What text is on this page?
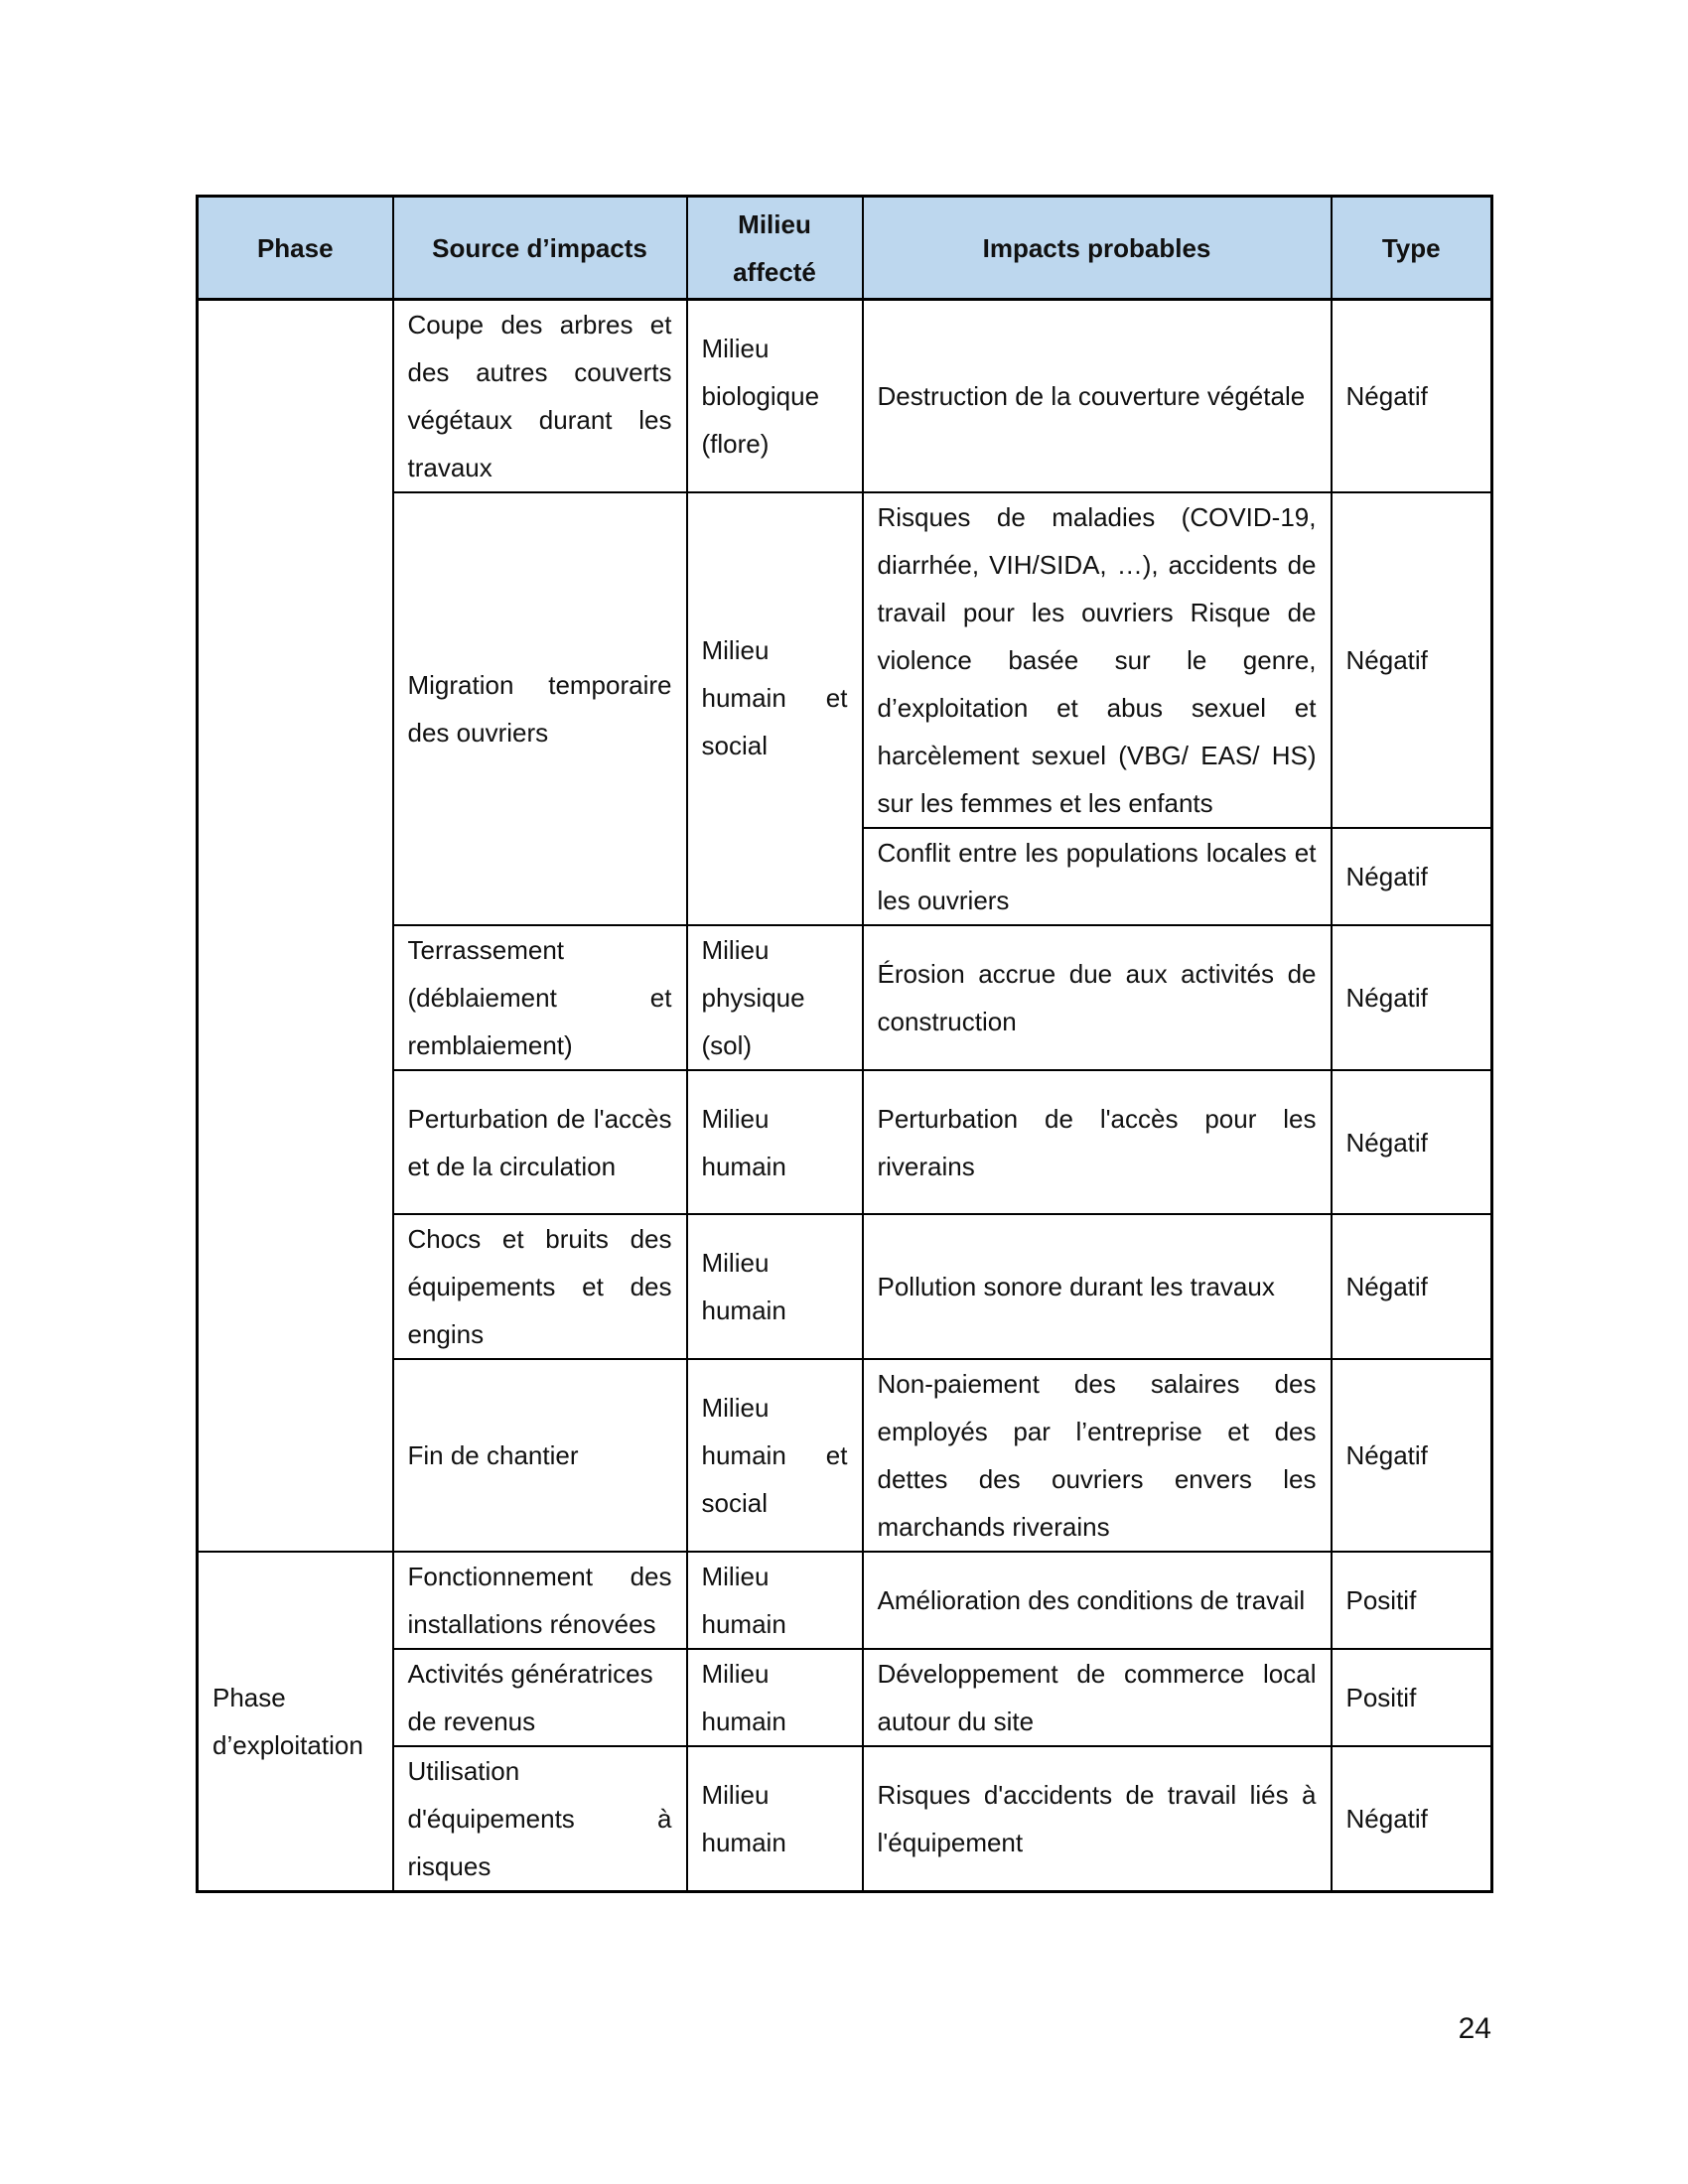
Phase	Source d’impacts	Milieu affecté	Impacts probables	Type
	Coupe des arbres et des autres couverts végétaux durant les travaux	Milieu biologique (flore)	Destruction de la couverture végétale	Négatif
	Migration temporaire des ouvriers	Milieu humain et social	Risques de maladies (COVID-19, diarrhée, VIH/SIDA, …), accidents de travail pour les ouvriers Risque de violence basée sur le genre, d’exploitation et abus sexuel et harcèlement sexuel (VBG/ EAS/ HS) sur les femmes et les enfants	Négatif
			Conflit entre les populations locales et les ouvriers	Négatif
	Terrassement (déblaiement et remblaiement)	Milieu physique (sol)	Érosion accrue due aux activités de construction	Négatif
	Perturbation de l'accès et de la circulation	Milieu humain	Perturbation de l'accès pour les riverains	Négatif
	Chocs et bruits des équipements et des engins	Milieu humain	Pollution sonore durant les travaux	Négatif
	Fin de chantier	Milieu humain et social	Non-paiement des salaires des employés par l’entreprise et des dettes des ouvriers envers les marchands riverains	Négatif
Phase d’exploitation	Fonctionnement des installations rénovées	Milieu humain	Amélioration des conditions de travail	Positif
	Activités génératrices de revenus	Milieu humain	Développement de commerce local autour du site	Positif
	Utilisation d'équipements à risques	Milieu humain	Risques d'accidents de travail liés à l'équipement	Négatif
24
